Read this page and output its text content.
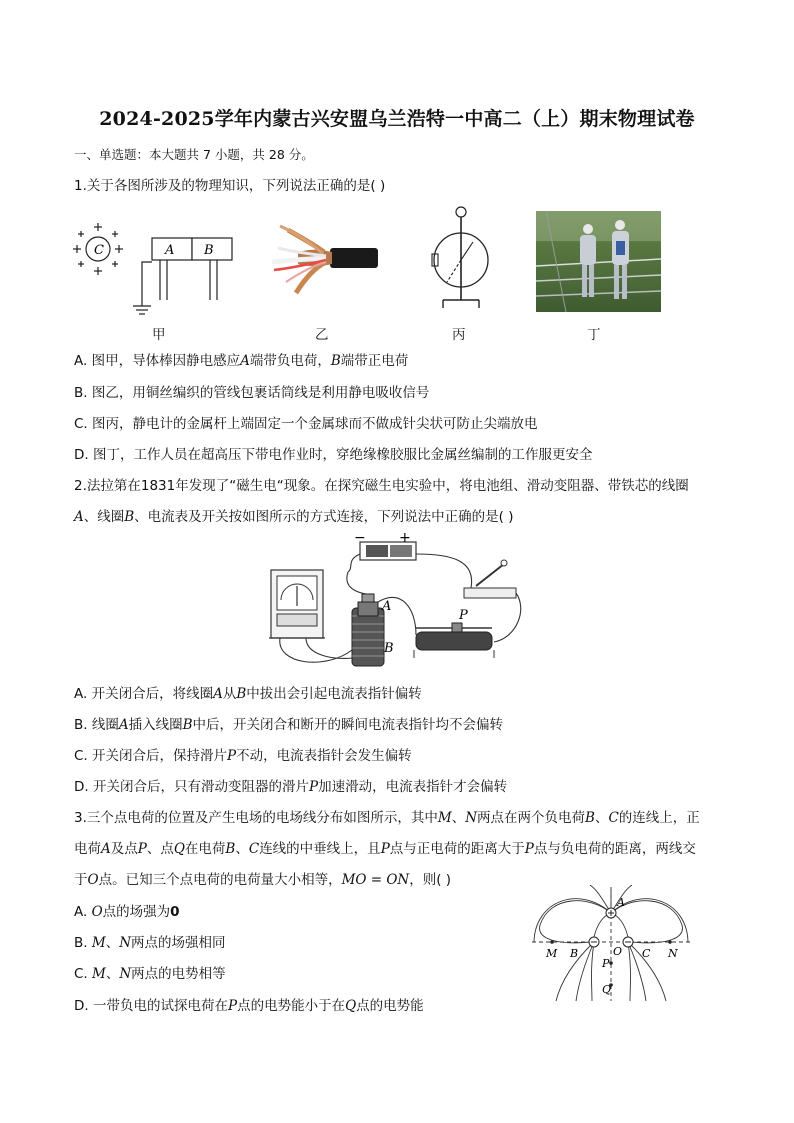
2024-2025学年内蒙古兴安盟乌兰浩特一中高二（上）期末物理试卷
一、单选题：本大题共 7 小题，共 28 分。
1.关于各图所涉及的物理知识，下列说法正确的是( )
C	A B
甲	乙	丙	丁
A. 图甲，导体棒因静电感应A端带负电荷，B端带正电荷
B. 图乙，用铜丝编织的管线包裹话筒线是利用静电吸收信号
C. 图丙，静电计的金属杆上端固定一个金属球而不做成针尖状可防止尖端放电
D. 图丁，工作人员在超高压下带电作业时，穿绝缘橡胶服比金属丝编制的工作服更安全
2.法拉第在1831年发现了“磁生电“现象。在探究磁生电实验中，将电池组、滑动变阻器、带铁芯的线圈
A、线圈B、电流表及开关按如图所示的方式连接，下列说法中正确的是( )
− +
A
B
P
A. 开关闭合后，将线圈A从B中拔出会引起电流表指针偏转
B. 线圈A插入线圈B中后，开关闭合和断开的瞬间电流表指针均不会偏转
C. 开关闭合后，保持滑片P不动，电流表指针会发生偏转
D. 开关闭合后，只有滑动变阻器的滑片P加速滑动，电流表指针才会偏转
3.三个点电荷的位置及产生电场的电场线分布如图所示，其中M、N两点在两个负电荷B、C的连线上，正
电荷A及点P、点Q在电荷B、C连线的中垂线上，且P点与正电荷的距离大于P点与负电荷的距离，两线交
于O点。已知三个点电荷的电荷量大小相等，MO = ON，则( )
A. O点的场强为0
B. M、N两点的场强相同
C. M、N两点的电势相等
D. 一带负电的试探电荷在P点的电势能小于在Q点的电势能
A
M B	O C N
P
Q
